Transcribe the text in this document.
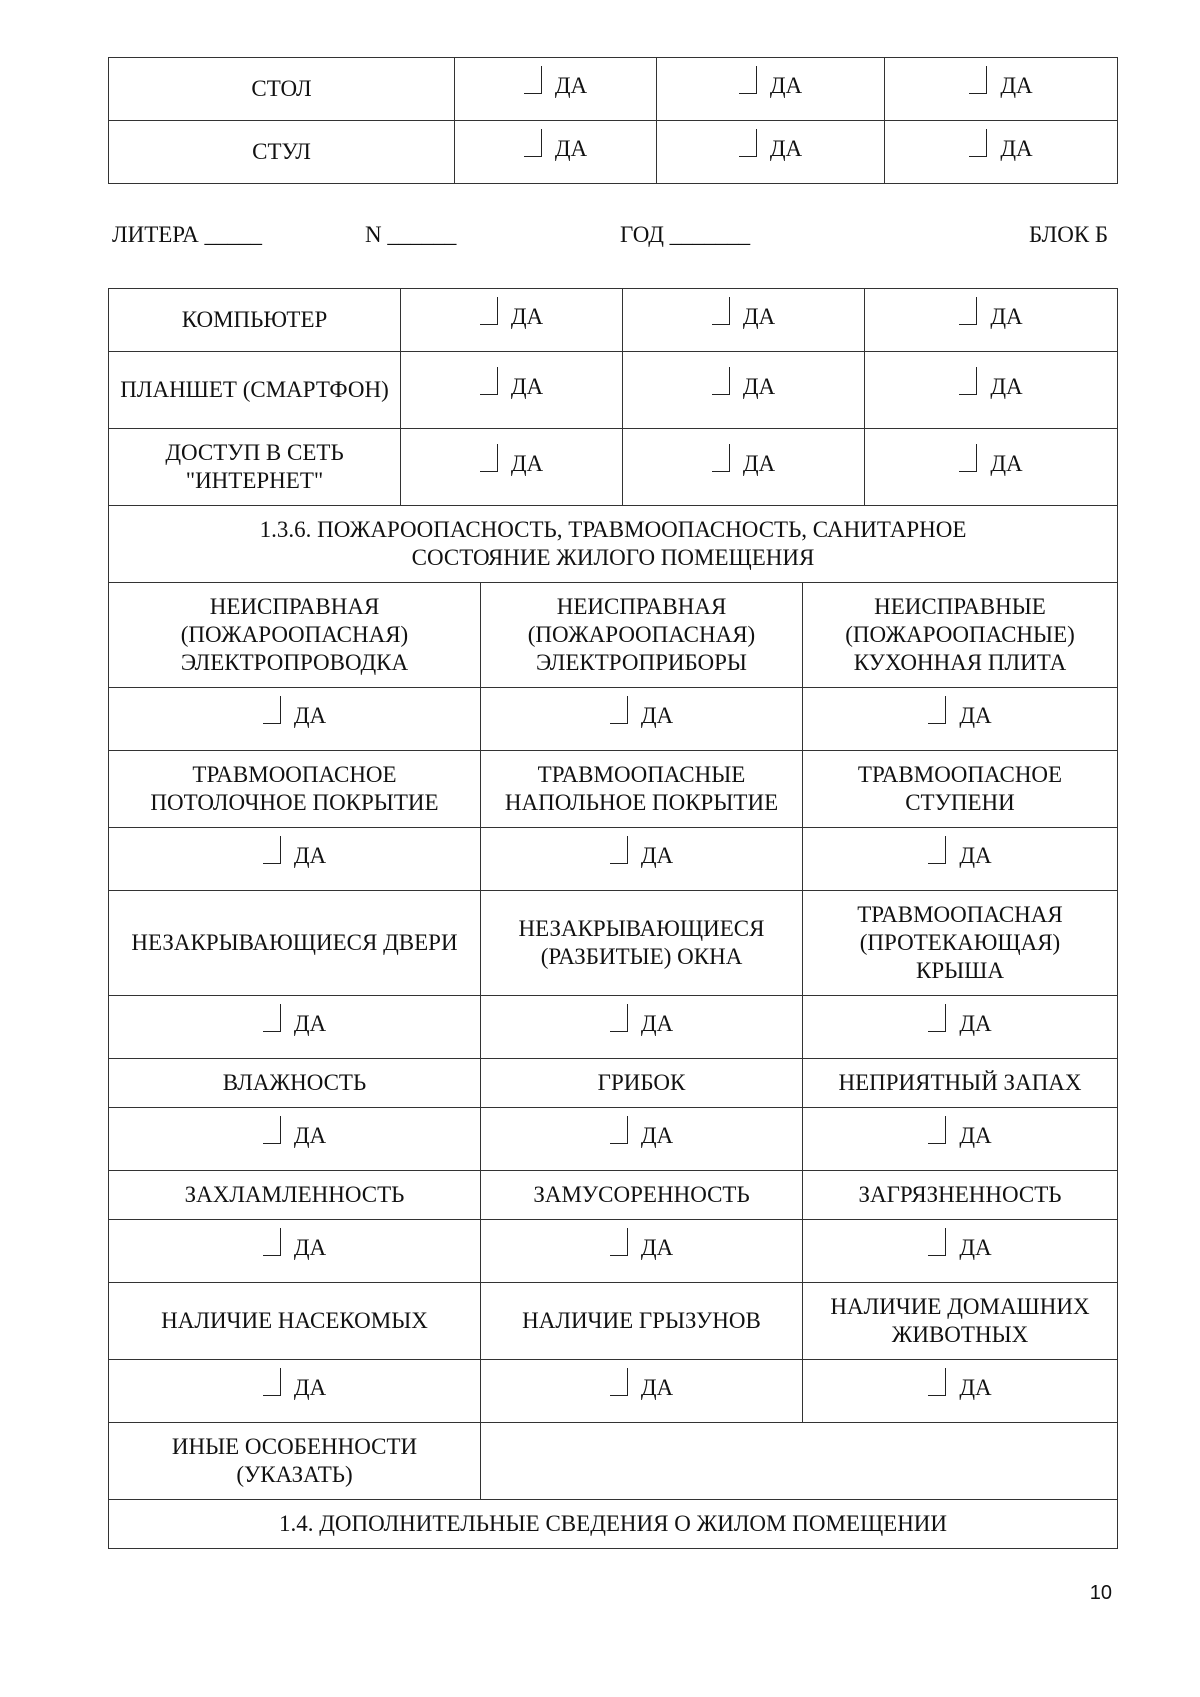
СТОЛ	ДА	ДА	ДА

СТУЛ	ДА	ДА	ДА
ЛИТЕРА _____	N ______	ГОД _______	БЛОК Б
КОМПЬЮТЕР	ДА	ДА	ДА

ПЛАНШЕТ (СМАРТФОН)	ДА	ДА	ДА

ДОСТУП В СЕТЬ "ИНТЕРНЕТ"	ДА	ДА	ДА
1.3.6. ПОЖАРООПАСНОСТЬ, ТРАВМООПАСНОСТЬ, САНИТАРНОЕ СОСТОЯНИЕ ЖИЛОГО ПОМЕЩЕНИЯ		
НЕИСПРАВНАЯ (ПОЖАРООПАСНАЯ) ЭЛЕКТРОПРОВОДКА	НЕИСПРАВНАЯ (ПОЖАРООПАСНАЯ) ЭЛЕКТРОПРИБОРЫ	НЕИСПРАВНЫЕ (ПОЖАРООПАСНЫЕ) КУХОННАЯ ПЛИТА

ДА	ДА	ДА

ТРАВМООПАСНОЕ ПОТОЛОЧНОЕ ПОКРЫТИЕ	ТРАВМООПАСНЫЕ НАПОЛЬНОЕ ПОКРЫТИЕ	ТРАВМООПАСНОЕ СТУПЕНИ

ДА	ДА	ДА

НЕЗАКРЫВАЮЩИЕСЯ ДВЕРИ	НЕЗАКРЫВАЮЩИЕСЯ (РАЗБИТЫЕ) ОКНА	ТРАВМООПАСНАЯ (ПРОТЕКАЮЩАЯ) КРЫША

ДА	ДА	ДА

ВЛАЖНОСТЬ	ГРИБОК	НЕПРИЯТНЫЙ ЗАПАХ

ДА	ДА	ДА

ЗАХЛАМЛЕННОСТЬ	ЗАМУСОРЕННОСТЬ	ЗАГРЯЗНЕННОСТЬ

ДА	ДА	ДА

НАЛИЧИЕ НАСЕКОМЫХ	НАЛИЧИЕ ГРЫЗУНОВ	НАЛИЧИЕ ДОМАШНИХ ЖИВОТНЫХ

ДА	ДА	ДА

ИНЫЕ ОСОБЕННОСТИ (УКАЗАТЬ)		
1.4. ДОПОЛНИТЕЛЬНЫЕ СВЕДЕНИЯ О ЖИЛОМ ПОМЕЩЕНИИ		
10
